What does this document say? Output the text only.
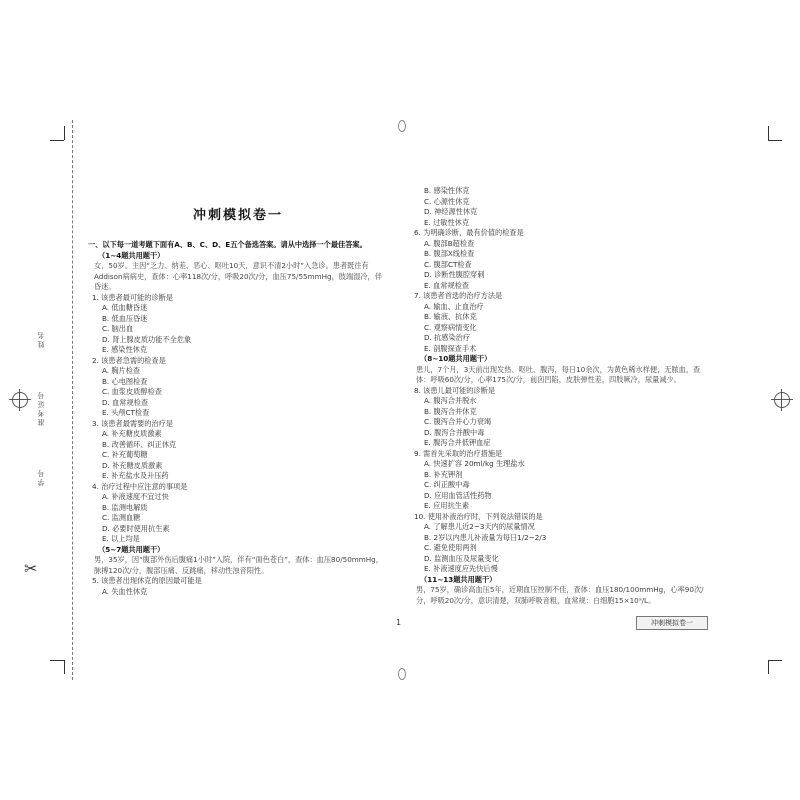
姓名
准考证号
学号
✂
冲刺模拟卷一

一、以下每一道考题下面有A、B、C、D、E五个备选答案。请从中选择一个最佳答案。

（1~4题共用题干）

女，50岁。主因“乏力、纳差、恶心、呕吐10天，意识不清2小时”入急诊。患者既往有Addison病病史，查体：心率118次/分，呼吸20次/分，血压75/55mmHg，肢端湿冷，伴昏迷。

1. 该患者最可能的诊断是

A. 低血糖昏迷

B. 低血压昏迷

C. 脑出血

D. 肾上腺皮质功能不全危象

E. 感染性休克

2. 该患者急需的检查是

A. 胸片检查

B. 心电图检查

C. 血浆皮质醇检查

D. 血常规检查

E. 头颅CT检查

3. 该患者最需要的治疗是

A. 补充糖皮质激素

B. 改善循环、纠正休克

C. 补充葡萄糖

D. 补充糖皮质激素

E. 补充盐水及升压药

4. 治疗过程中应注意的事项是

A. 补液速度不宜过快

B. 监测电解质

C. 监测血糖

D. 必要时使用抗生素

E. 以上均是

（5~7题共用题干）

男，35岁，因“腹部外伤后腹痛1小时”入院，伴有“面色苍白”，查体：血压80/50mmHg，脉搏120次/分，腹部压痛、反跳痛，移动性浊音阳性。

5. 该患者出现休克的原因最可能是

A. 失血性休克

B. 感染性休克

C. 心源性休克

D. 神经源性休克

E. 过敏性休克

6. 为明确诊断，最有价值的检查是

A. 腹部B超检查

B. 腹部X线检查

C. 腹部CT检查

D. 诊断性腹腔穿刺

E. 血常规检查

7. 该患者首选的治疗方法是

A. 输血、止血治疗

B. 输液、抗休克

C. 观察病情变化

D. 抗感染治疗

E. 剖腹探查手术

（8~10题共用题干）

患儿，7个月，3天前出现发热、呕吐、腹泻，每日10余次，为黄色稀水样便，无脓血，查体：呼吸60次/分，心率175次/分，前囟凹陷，皮肤弹性差，四肢厥冷，尿量减少。

8. 该患儿最可能的诊断是

A. 腹泻合并脱水

B. 腹泻合并休克

C. 腹泻合并心力衰竭

D. 腹泻合并酸中毒

E. 腹泻合并低钾血症

9. 需首先采取的治疗措施是

A. 快速扩容 20ml/kg 生理盐水

B. 补充钾剂

C. 纠正酸中毒

D. 应用血管活性药物

E. 应用抗生素

10. 使用补液治疗时，下列说法错误的是

A. 了解患儿近2~3天内的尿量情况

B. 2岁以内患儿补液量为每日1/2~2/3

C. 避免使用两剂

D. 监测血压及尿量变化

E. 补液速度应先快后慢

（11~13题共用题干）

男，75岁，确诊高血压5年，近期血压控制不佳，查体：血压180/100mmHg，心率90次/分，呼吸20次/分，意识清楚，双肺呼吸音粗，血常规：白细胞15×10⁹/L。

1	冲刺模拟卷一
